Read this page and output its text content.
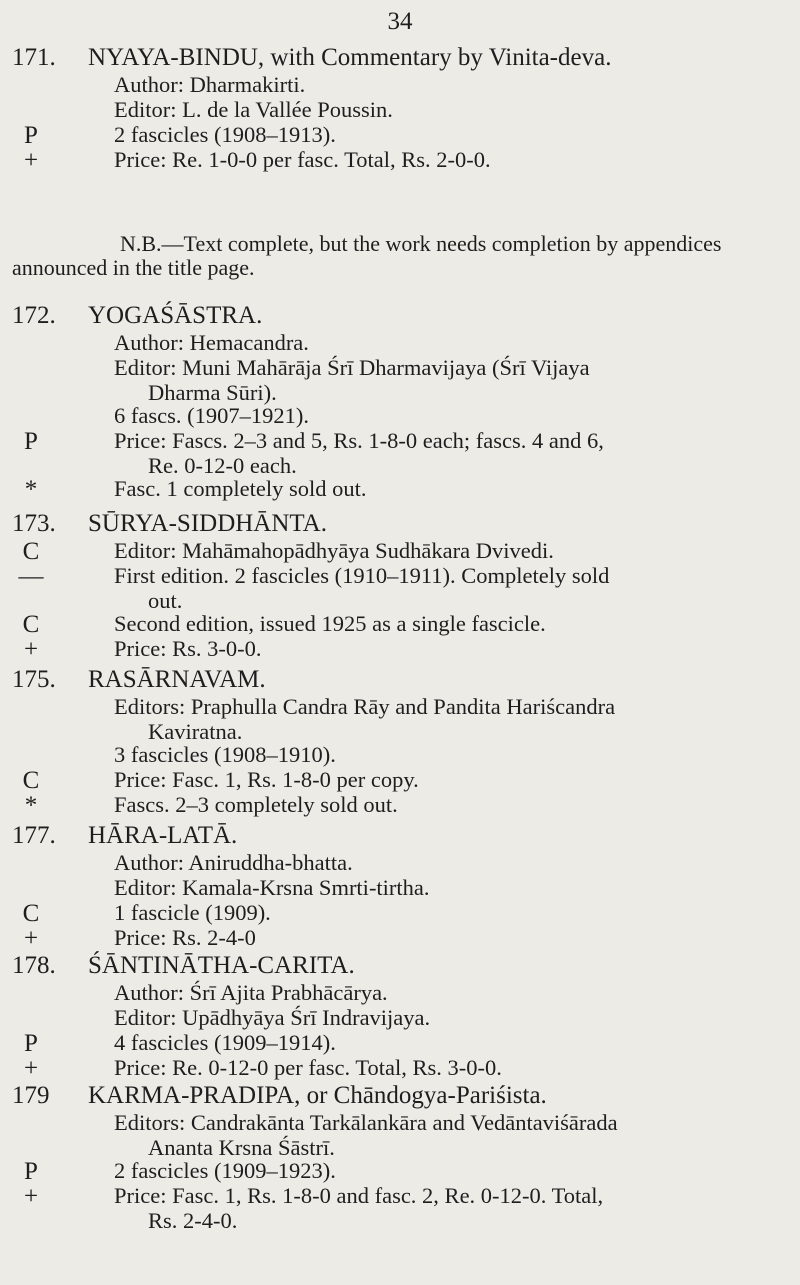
34
171. NYAYA-BINDU, with Commentary by Vinita-deva.
Author: Dharmakirti.
Editor: L. de la Vallée Poussin.
P	2 fascicles (1908–1913).
+	Price: Re. 1-0-0 per fasc. Total, Rs. 2-0-0.
N.B.—Text complete, but the work needs completion by appendices
announced in the title page.
172. YOGAŚĀSTRA.
Author: Hemacandra.
Editor: Muni Mahārāja Śrī Dharmavijaya (Śrī Vijaya
Dharma Sūri).
6 fascs. (1907–1921).
P	Price: Fascs. 2–3 and 5, Rs. 1-8-0 each; fascs. 4 and 6,
Re. 0-12-0 each.
*	Fasc. 1 completely sold out.
173. SŪRYA-SIDDHĀNTA.
C	Editor: Mahāmahopādhyāya Sudhākara Dvivedi.
—	First edition. 2 fascicles (1910–1911). Completely sold
out.
C	Second edition, issued 1925 as a single fascicle.
+	Price: Rs. 3-0-0.
175. RASĀRNAVAM.
Editors: Praphulla Candra Rāy and Pandita Hariścandra
Kaviratna.
3 fascicles (1908–1910).
C	Price: Fasc. 1, Rs. 1-8-0 per copy.
*	Fascs. 2–3 completely sold out.
177. HĀRA-LATĀ.
Author: Aniruddha-bhatta.
Editor: Kamala-Krsna Smrti-tirtha.
C	1 fascicle (1909).
+	Price: Rs. 2-4-0
178. ŚĀNTINĀTHA-CARITA.
Author: Śrī Ajita Prabhācārya.
Editor: Upādhyāya Śrī Indravijaya.
P	4 fascicles (1909–1914).
+	Price: Re. 0-12-0 per fasc. Total, Rs. 3-0-0.
179 KARMA-PRADIPA, or Chāndogya-Pariśista.
Editors: Candrakānta Tarkālankāra and Vedāntaviśārada
Ananta Krsna Śāstrī.
P	2 fascicles (1909–1923).
+	Price: Fasc. 1, Rs. 1-8-0 and fasc. 2, Re. 0-12-0. Total,
Rs. 2-4-0.
